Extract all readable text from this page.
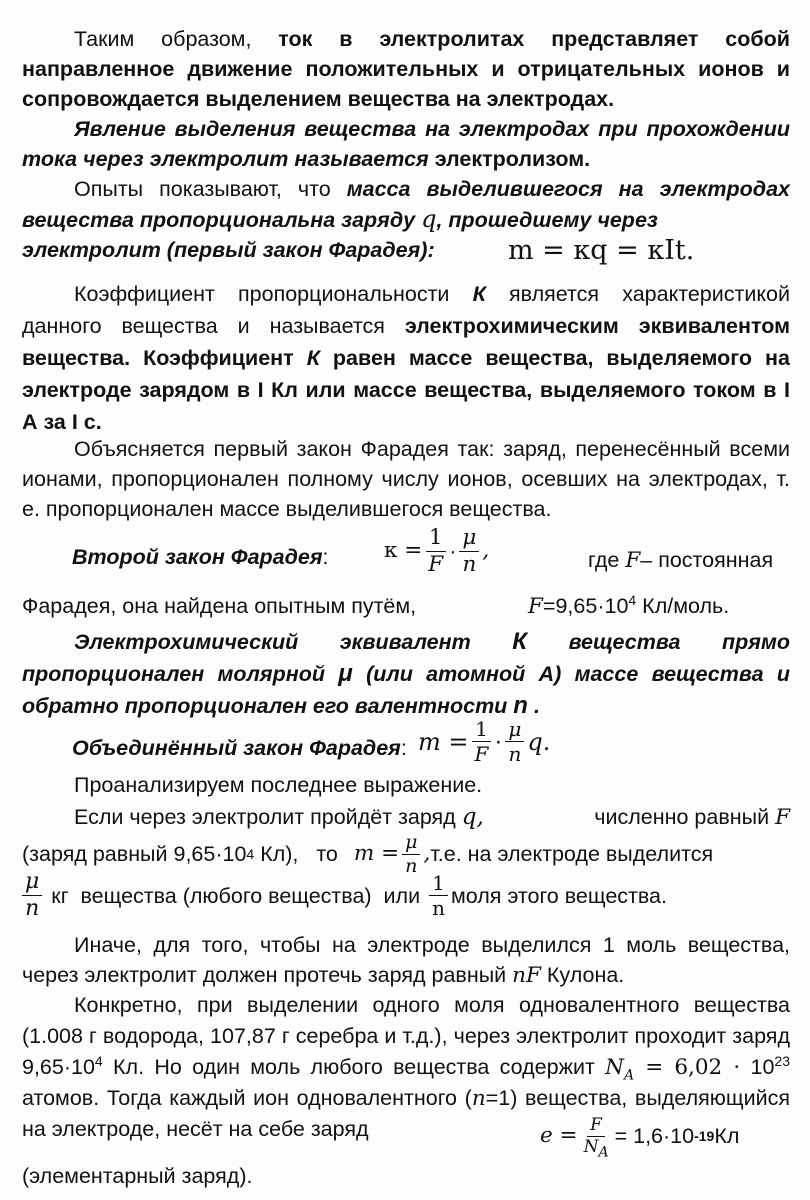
Таким образом, ток в электролитах представляет собой направленное движение положительных и отрицательных ионов и сопровождается выделением вещества на электродах.

Явление выделения вещества на электродах при прохождении тока через электролит называется электролизом.

Опыты показывают, что масса выделившегося на электродах вещества пропорциональна заряду q, прошедшему через
электролит (первый закон Фарадея):	m = кq = кIt.

Коэффициент пропорциональности К является характеристикой данного вещества и называется электрохимическим эквивалентом вещества. Коэффициент К равен массе вещества, выделяемого на электроде зарядом в I Кл или массе вещества, выделяемого током в I А за I с.

Объясняется первый закон Фарадея так: заряд, перенесённый всеми ионами, пропорционален полному числу ионов, осевших на электродах, т. е. пропорционален массе выделившегося вещества.

Второй закон Фарадея:	$к = \frac{1}{F} \cdot \frac{\mu}{n}$ ,	где F– постоянная
Фарадея, она найдена опытным путём,	$F=9,65\cdot 10^4$ Кл/моль.

Электрохимический эквивалент К вещества прямо пропорционален молярной μ (или атомной А) массе вещества и обратно пропорционален его валентности n .

Объединённый закон Фарадея: $m = \frac{1}{F} \cdot \frac{\mu}{n} q$.

Проанализируем последнее выражение.

Если через электролит пройдёт заряд q,	численно равный F
(заряд равный 9,65·10 4 Кл),   то $m = \frac{\mu}{n}$ , т.е. на электроде выделится
$\frac{\mu}{n}$ кг  вещества (любого вещества)  или $\frac{1}{n}$ моля этого вещества.

Иначе, для того, чтобы на электроде выделился 1 моль вещества, через электролит должен протечь заряд равный nF Кулона.

Конкретно, при выделении одного моля одновалентного вещества (1.008 г водорода, 107,87 г серебра и т.д.), через электролит проходит заряд $9,65\cdot 10^4$ Кл. Но один моль любого вещества содержит $N_A = 6,02 \cdot 10^{23}$ атомов. Тогда каждый ион одновалентного (n=1) вещества, выделяющийся на электроде, несёт на себе заряд	$e = \frac{F}{N_A} = 1,6\cdot 10$ -19 Кл
(элементарный заряд).
